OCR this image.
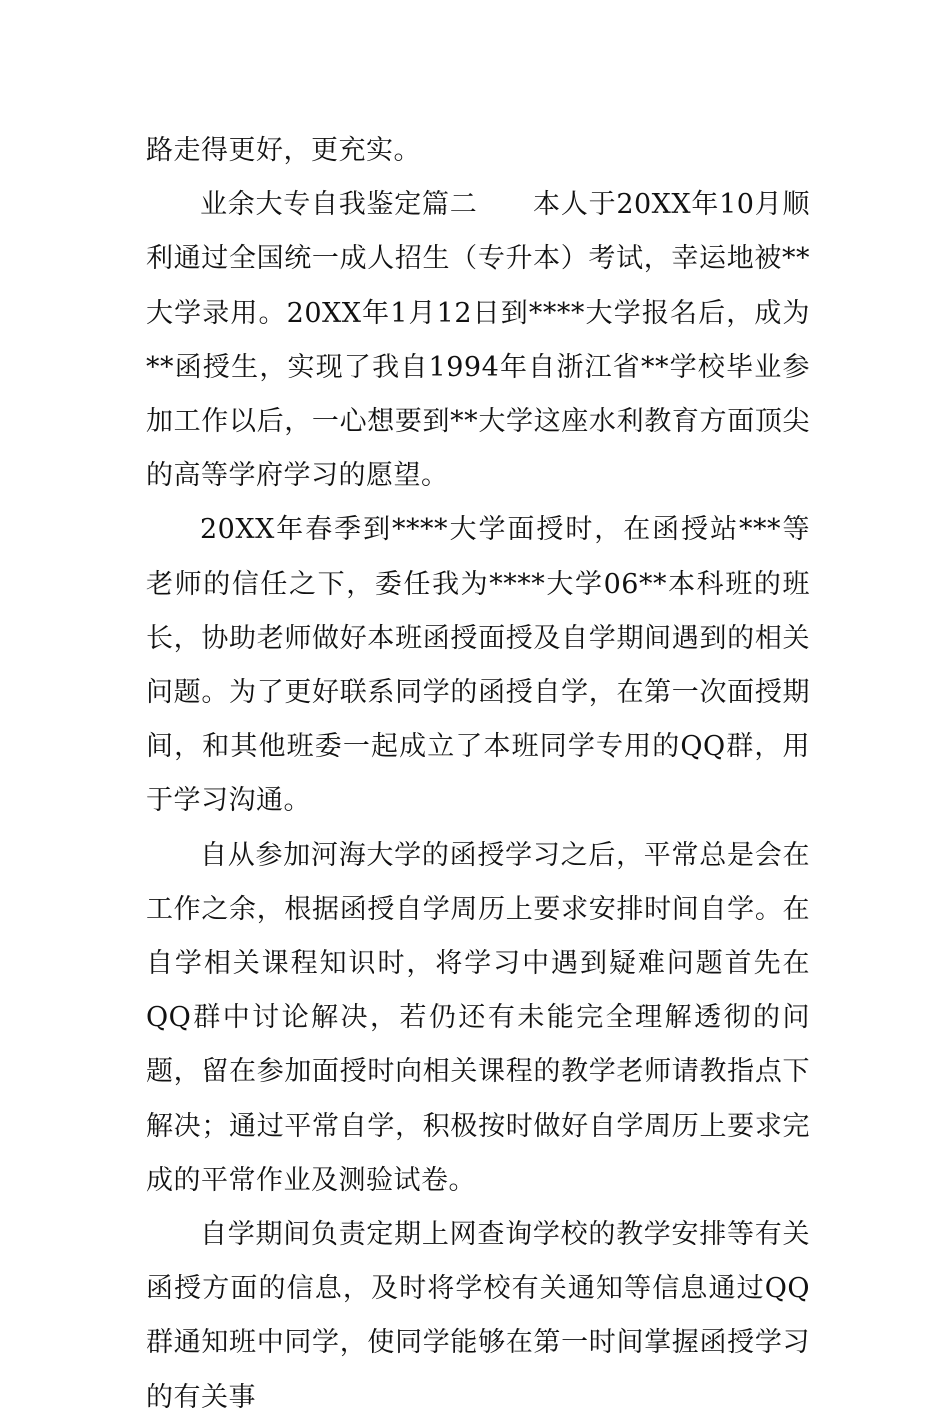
路走得更好，更充实。

业余大专自我鉴定篇二　　本人于20XX年10月顺利通过全国统一成人招生（专升本）考试，幸运地被**大学录用。20XX年1月12日到****大学报名后，成为**函授生，实现了我自1994年自浙江省**学校毕业参加工作以后，一心想要到**大学这座水利教育方面顶尖的高等学府学习的愿望。

20XX年春季到****大学面授时，在函授站***等老师的信任之下，委任我为****大学06**本科班的班长，协助老师做好本班函授面授及自学期间遇到的相关问题。为了更好联系同学的函授自学，在第一次面授期间，和其他班委一起成立了本班同学专用的QQ群，用于学习沟通。

自从参加河海大学的函授学习之后，平常总是会在工作之余，根据函授自学周历上要求安排时间自学。在自学相关课程知识时，将学习中遇到疑难问题首先在QQ群中讨论解决，若仍还有未能完全理解透彻的问题，留在参加面授时向相关课程的教学老师请教指点下解决；通过平常自学，积极按时做好自学周历上要求完成的平常作业及测验试卷。

自学期间负责定期上网查询学校的教学安排等有关函授方面的信息，及时将学校有关通知等信息通过QQ群通知班中同学，使同学能够在第一时间掌握函授学习的有关事
